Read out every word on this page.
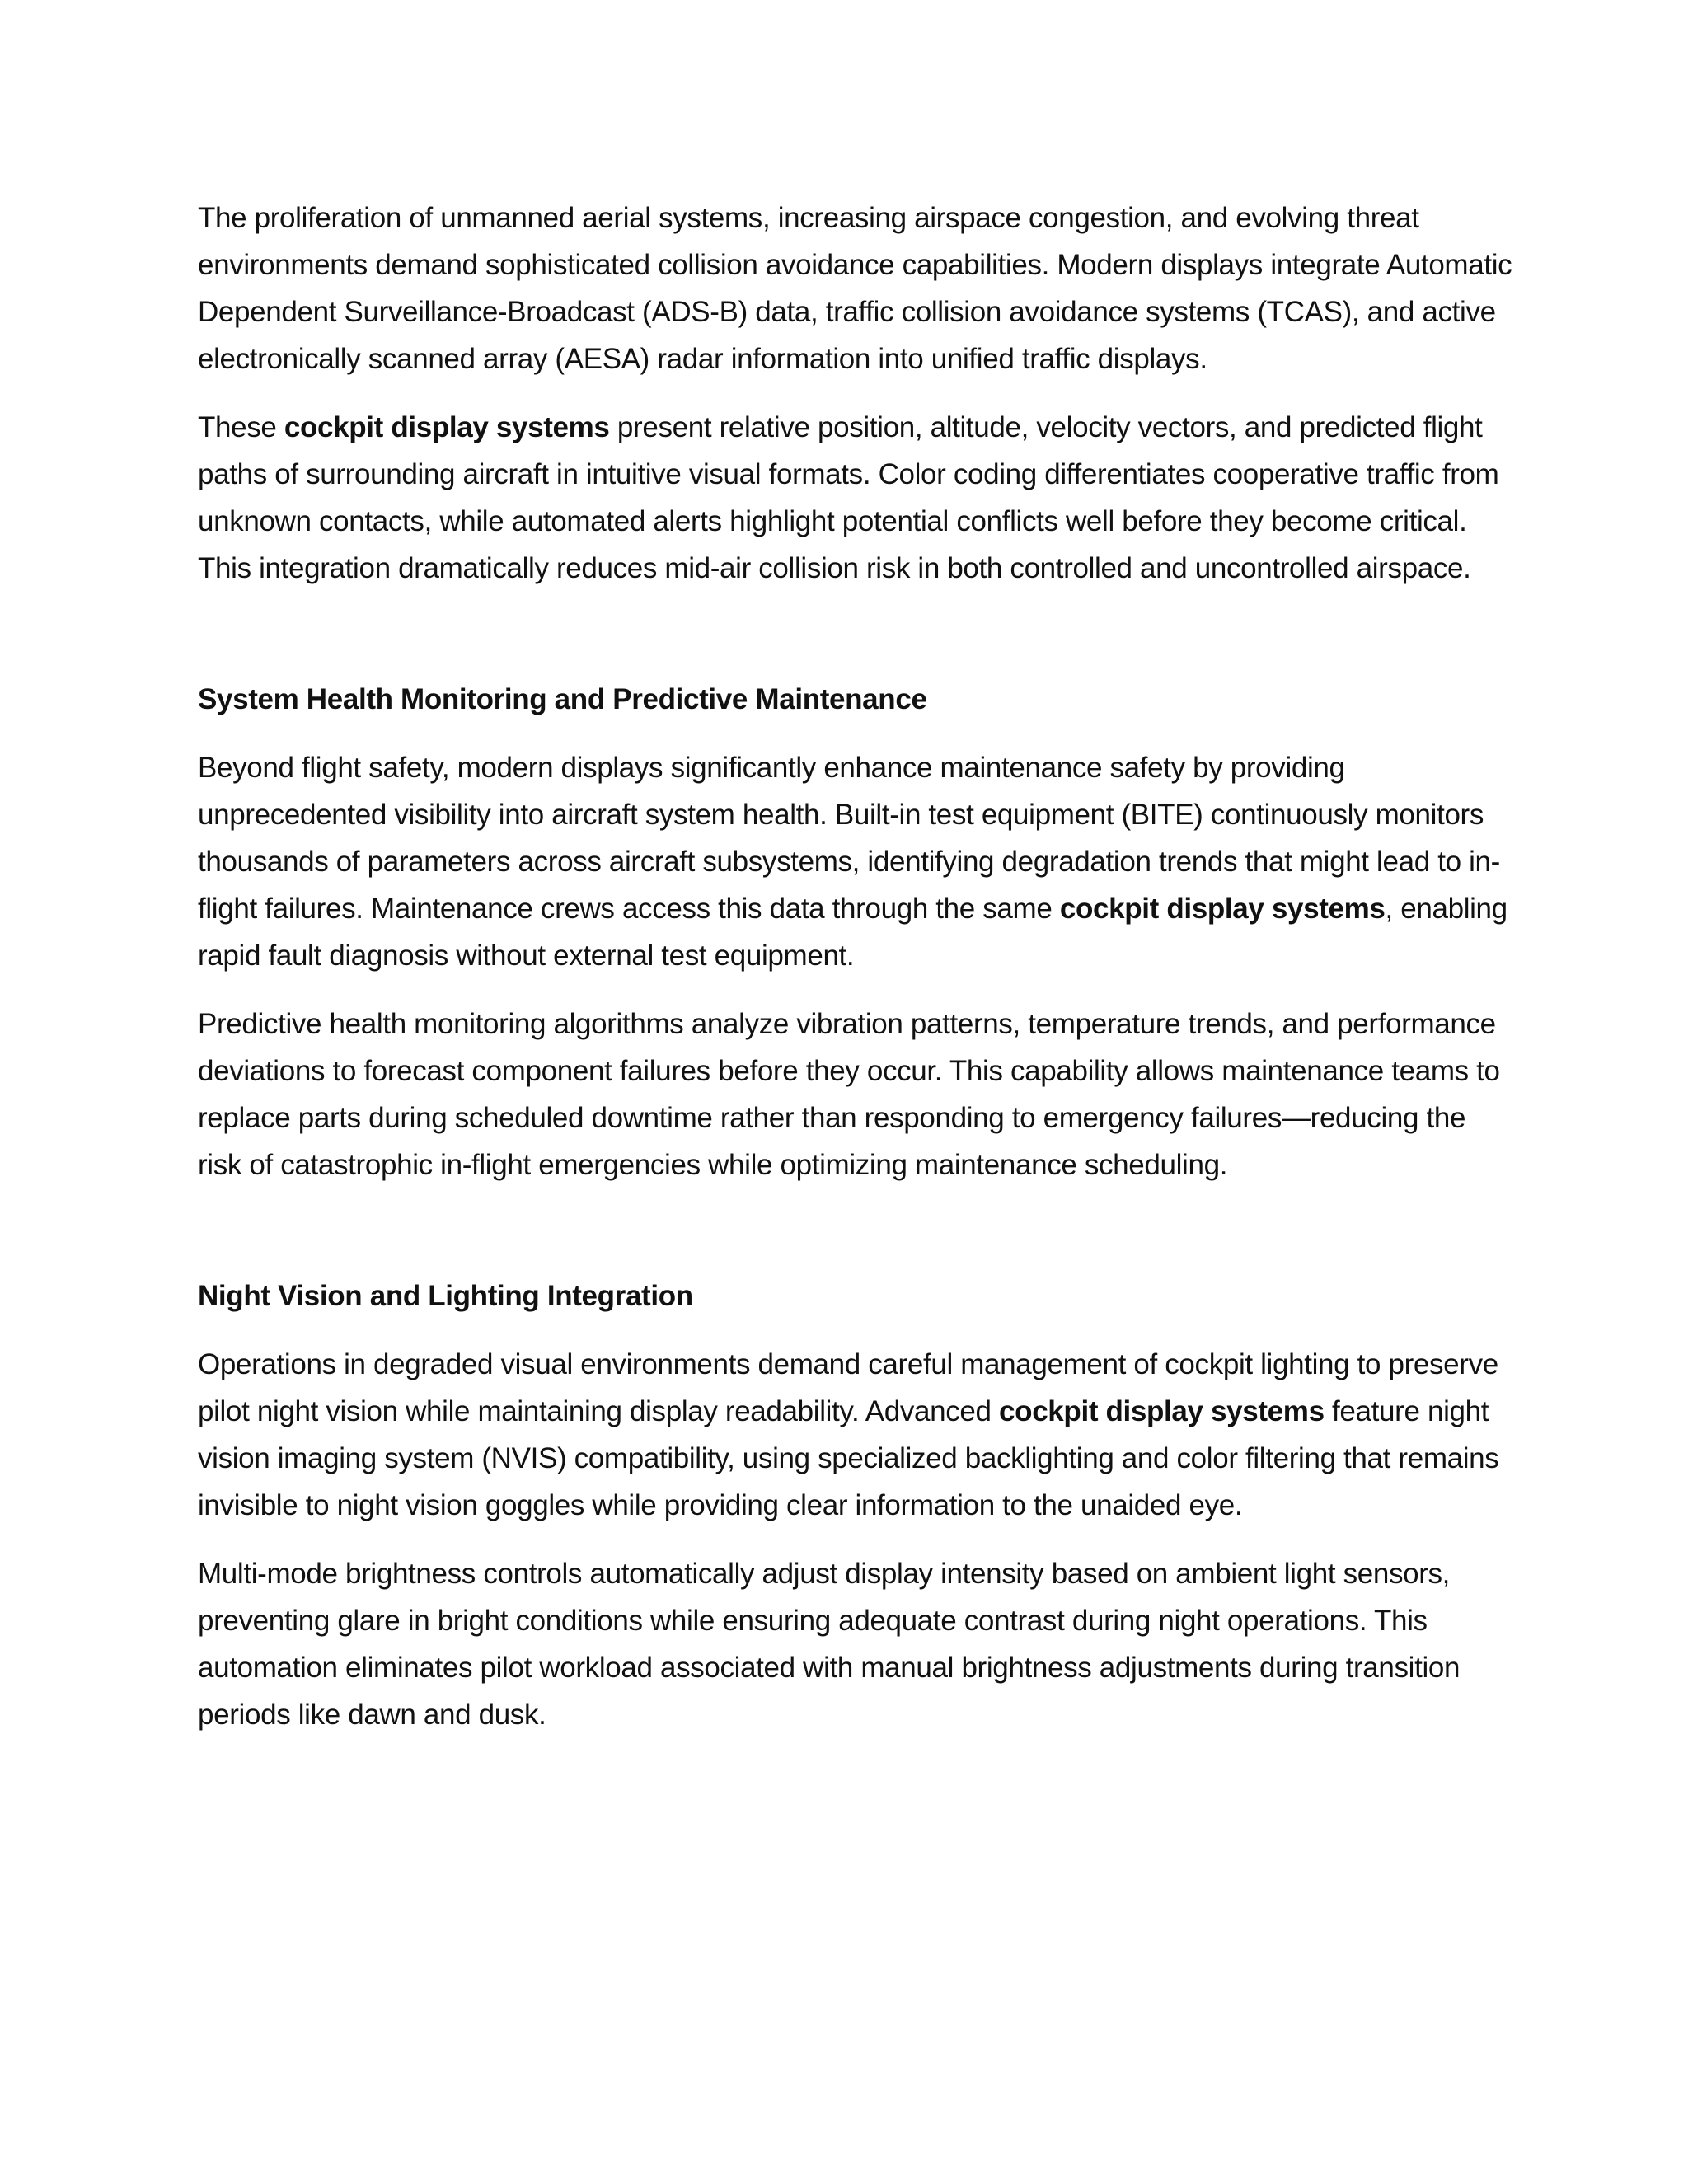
The proliferation of unmanned aerial systems, increasing airspace congestion, and evolving threat environments demand sophisticated collision avoidance capabilities. Modern displays integrate Automatic Dependent Surveillance-Broadcast (ADS-B) data, traffic collision avoidance systems (TCAS), and active electronically scanned array (AESA) radar information into unified traffic displays.

These cockpit display systems present relative position, altitude, velocity vectors, and predicted flight paths of surrounding aircraft in intuitive visual formats. Color coding differentiates cooperative traffic from unknown contacts, while automated alerts highlight potential conflicts well before they become critical. This integration dramatically reduces mid-air collision risk in both controlled and uncontrolled airspace.

System Health Monitoring and Predictive Maintenance

Beyond flight safety, modern displays significantly enhance maintenance safety by providing unprecedented visibility into aircraft system health. Built-in test equipment (BITE) continuously monitors thousands of parameters across aircraft subsystems, identifying degradation trends that might lead to in-flight failures. Maintenance crews access this data through the same cockpit display systems, enabling rapid fault diagnosis without external test equipment.

Predictive health monitoring algorithms analyze vibration patterns, temperature trends, and performance deviations to forecast component failures before they occur. This capability allows maintenance teams to replace parts during scheduled downtime rather than responding to emergency failures—reducing the risk of catastrophic in-flight emergencies while optimizing maintenance scheduling.

Night Vision and Lighting Integration

Operations in degraded visual environments demand careful management of cockpit lighting to preserve pilot night vision while maintaining display readability. Advanced cockpit display systems feature night vision imaging system (NVIS) compatibility, using specialized backlighting and color filtering that remains invisible to night vision goggles while providing clear information to the unaided eye.

Multi-mode brightness controls automatically adjust display intensity based on ambient light sensors, preventing glare in bright conditions while ensuring adequate contrast during night operations. This automation eliminates pilot workload associated with manual brightness adjustments during transition periods like dawn and dusk.
